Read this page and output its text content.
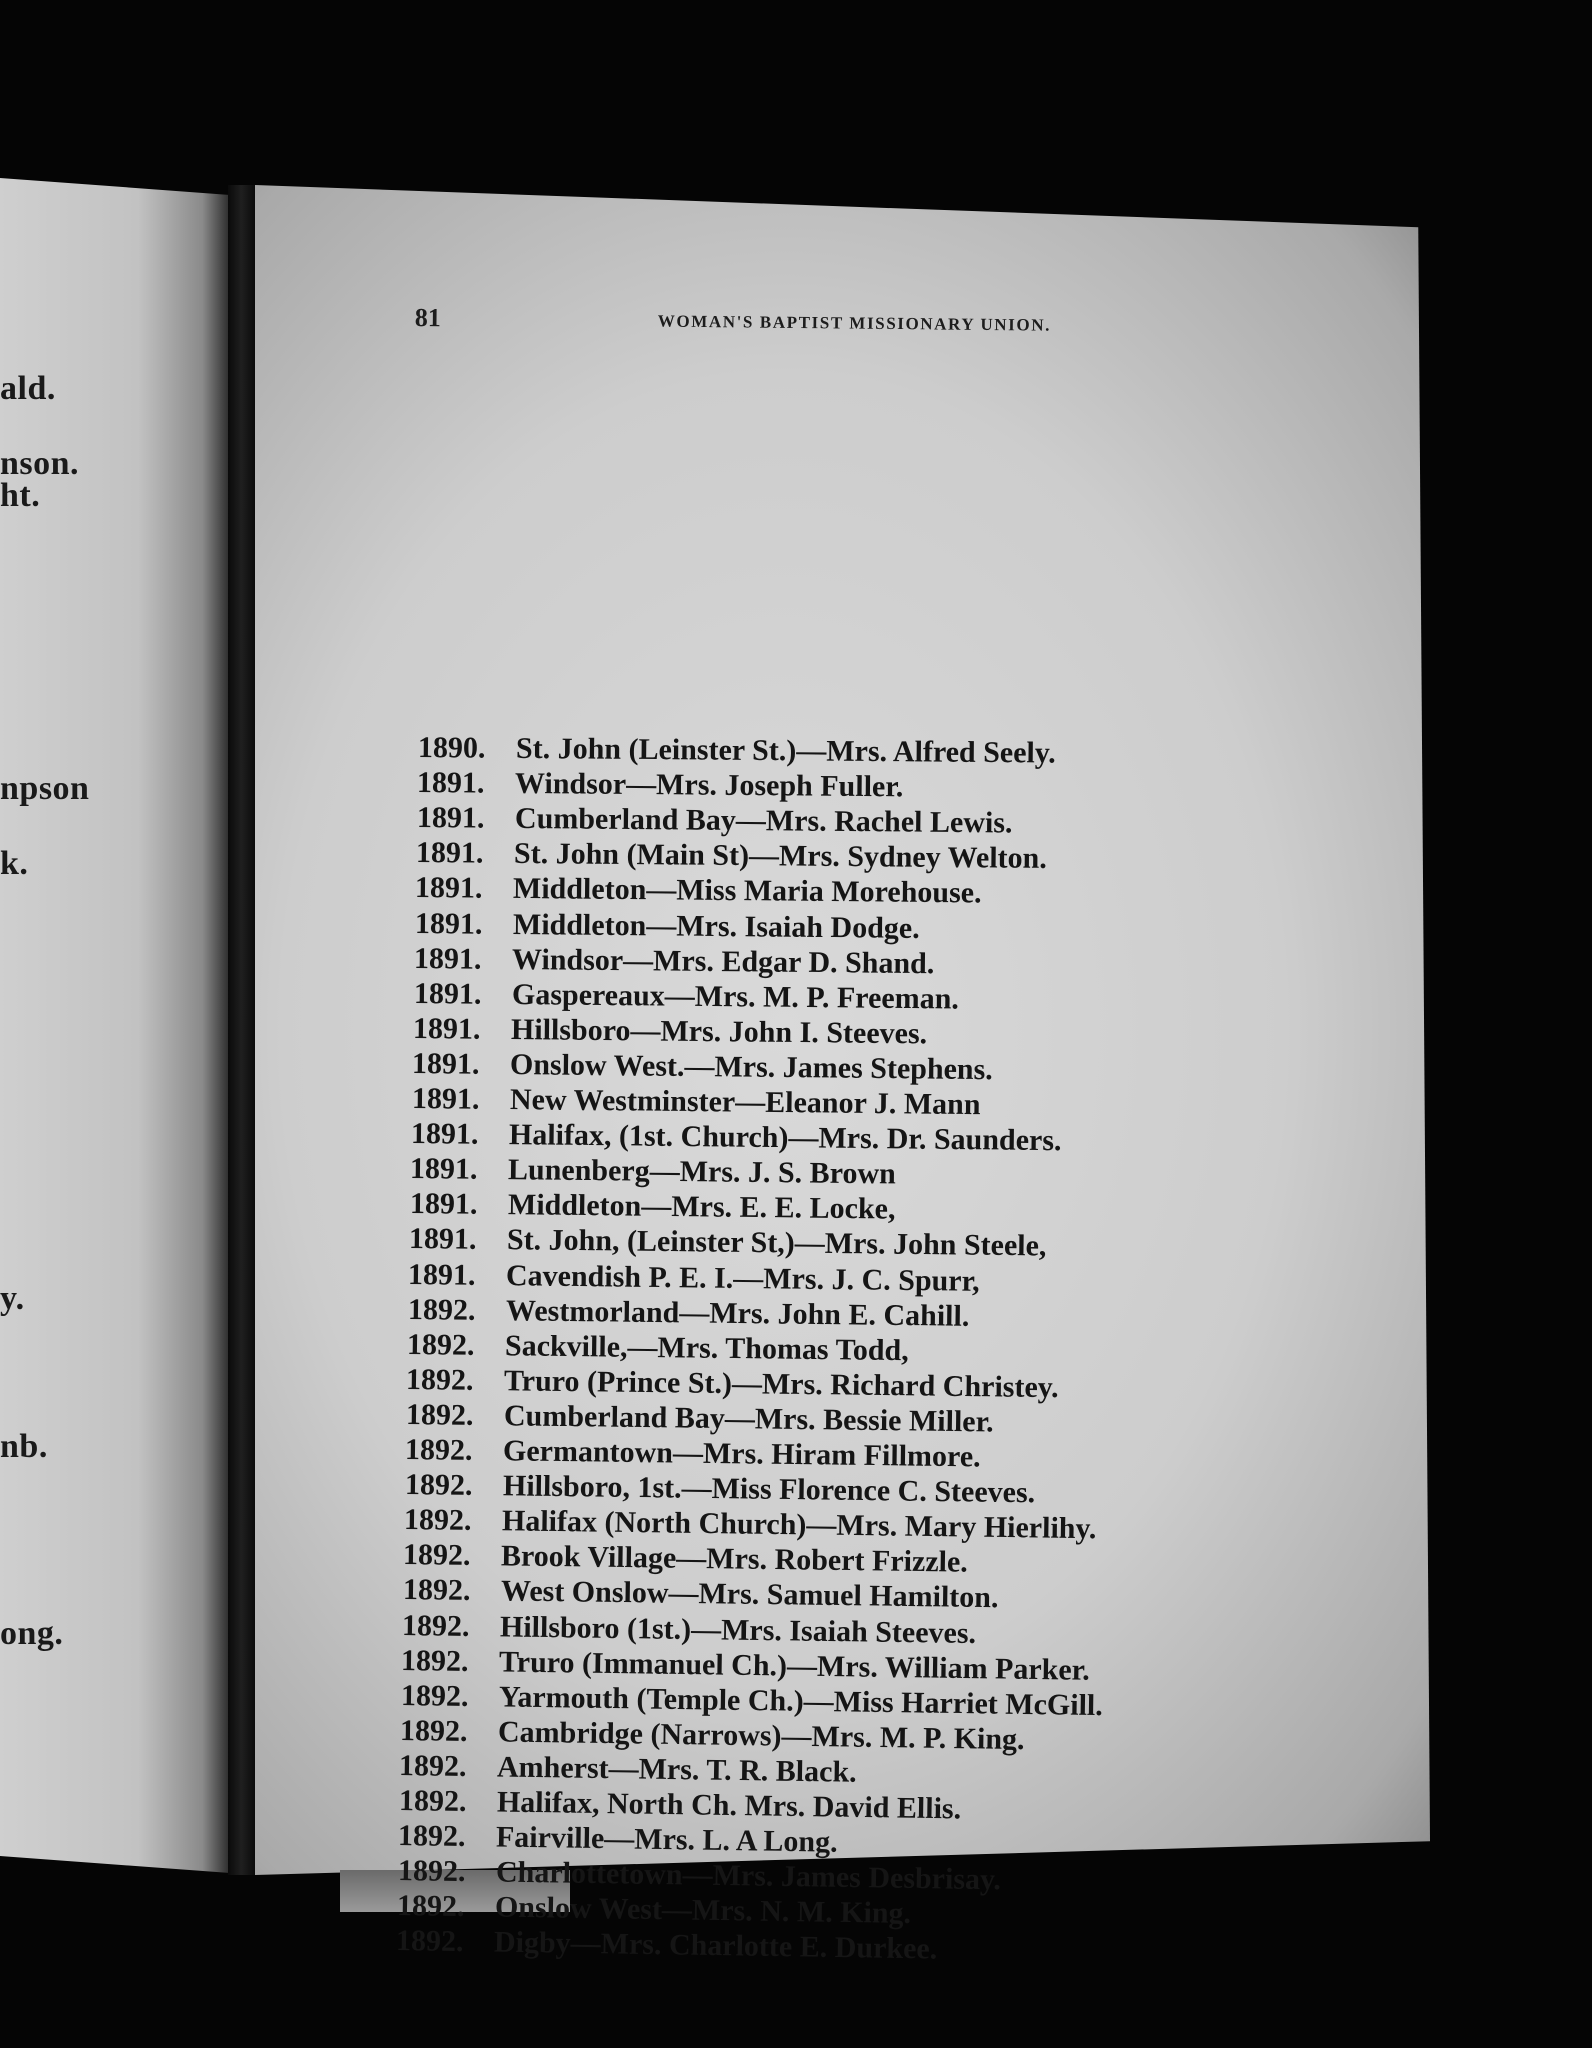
ald.
nson.
ht.
npson
k.
y.
nb.
ong.
81	WOMAN'S BAPTIST MISSIONARY UNION.
1890.	St. John (Leinster St.)—Mrs. Alfred Seely.
1891.	Windsor—Mrs. Joseph Fuller.
1891.	Cumberland Bay—Mrs. Rachel Lewis.
1891.	St. John (Main St)—Mrs. Sydney Welton.
1891.	Middleton—Miss Maria Morehouse.
1891.	Middleton—Mrs. Isaiah Dodge.
1891.	Windsor—Mrs. Edgar D. Shand.
1891.	Gaspereaux—Mrs. M. P. Freeman.
1891.	Hillsboro—Mrs. John I. Steeves.
1891.	Onslow West.—Mrs. James Stephens.
1891.	New Westminster—Eleanor J. Mann
1891.	Halifax, (1st. Church)—Mrs. Dr. Saunders.
1891.	Lunenberg—Mrs. J. S. Brown
1891.	Middleton—Mrs. E. E. Locke,
1891.	St. John, (Leinster St,)—Mrs. John Steele,
1891.	Cavendish P. E. I.—Mrs. J. C. Spurr,
1892.	Westmorland—Mrs. John E. Cahill.
1892.	Sackville,—Mrs. Thomas Todd,
1892.	Truro (Prince St.)—Mrs. Richard Christey.
1892.	Cumberland Bay—Mrs. Bessie Miller.
1892.	Germantown—Mrs. Hiram Fillmore.
1892.	Hillsboro, 1st.—Miss Florence C. Steeves.
1892.	Halifax (North Church)—Mrs. Mary Hierlihy.
1892.	Brook Village—Mrs. Robert Frizzle.
1892.	West Onslow—Mrs. Samuel Hamilton.
1892.	Hillsboro (1st.)—Mrs. Isaiah Steeves.
1892.	Truro (Immanuel Ch.)—Mrs. William Parker.
1892.	Yarmouth (Temple Ch.)—Miss Harriet McGill.
1892.	Cambridge (Narrows)—Mrs. M. P. King.
1892.	Amherst—Mrs. T. R. Black.
1892.	Halifax, North Ch. Mrs. David Ellis.
1892. Fairville—Mrs. L. A Long.
1892. Charlottetown—Mrs. James Desbrisay.
1892. Onslow West—Mrs. N. M. King.
1892. Digby—Mrs. Charlotte E. Durkee.
